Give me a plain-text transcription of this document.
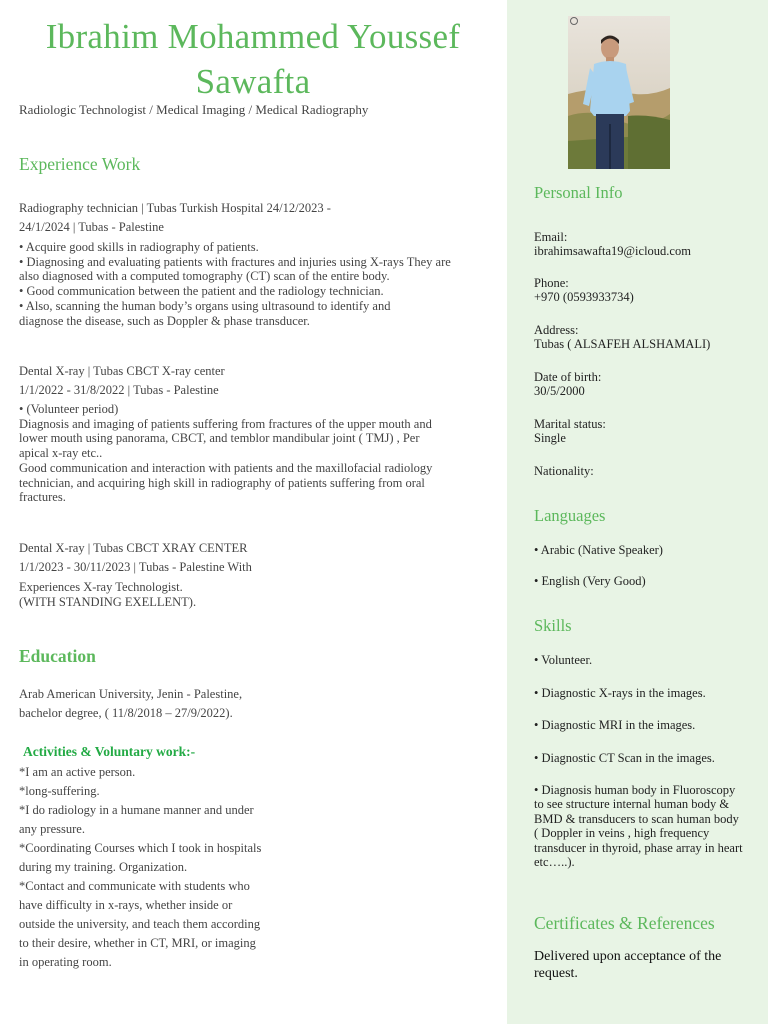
Ibrahim Mohammed Youssef
Sawafta
Radiologic Technologist / Medical Imaging / Medical Radiography
Experience Work
Radiography technician | Tubas Turkish Hospital 24/12/2023 -
24/1/2024 | Tubas - Palestine
• Acquire good skills in radiography of patients.
• Diagnosing and evaluating patients with fractures and injuries using X-rays They are
also diagnosed with a computed tomography (CT) scan of the entire body.
• Good communication between the patient and the radiology technician.
• Also, scanning the human body’s organs using ultrasound to identify and
diagnose the disease, such as Doppler & phase transducer.
Dental X-ray | Tubas CBCT X-ray center
1/1/2022 - 31/8/2022 | Tubas - Palestine
• (Volunteer period)
Diagnosis and imaging of patients suffering from fractures of the upper mouth and
lower mouth using panorama, CBCT, and temblor mandibular joint ( TMJ) , Per
apical x-ray etc..
Good communication and interaction with patients and the maxillofacial radiology
technician, and acquiring high skill in radiography of patients suffering from oral
fractures.
Dental X-ray | Tubas CBCT XRAY CENTER
1/1/2023 - 30/11/2023 | Tubas - Palestine With
Experiences X-ray Technologist.
(WITH STANDING EXELLENT).
Education
Arab American University, Jenin - Palestine,
bachelor degree, ( 11/8/2018 – 27/9/2022).
Activities & Voluntary work:-
*I am an active person.
*long-suffering.
*I do radiology in a humane manner and under
any pressure.
*Coordinating Courses which I took in hospitals
during my training. Organization.
*Contact and communicate with students who
have difficulty in x-rays, whether inside or
outside the university, and teach them according
to their desire, whether in CT, MRI, or imaging
in operating room.
Personal Info
Email:
ibrahimsawafta19@icloud.com
Phone:
+970 (0593933734)
Address:
Tubas ( ALSAFEH ALSHAMALI)
Date of birth:
30/5/2000
Marital status:
Single
Nationality:
Languages
• Arabic (Native Speaker)
• English (Very Good)
Skills
• Volunteer.
• Diagnostic X-rays in the images.
• Diagnostic MRI in the images.
• Diagnostic CT Scan in the images.
• Diagnosis human body in Fluoroscopy
to see structure internal human body &
BMD & transducers to scan human body
( Doppler in veins , high frequency
transducer in thyroid, phase array in heart
etc…..).
Certificates & References
Delivered upon acceptance of the
request.
